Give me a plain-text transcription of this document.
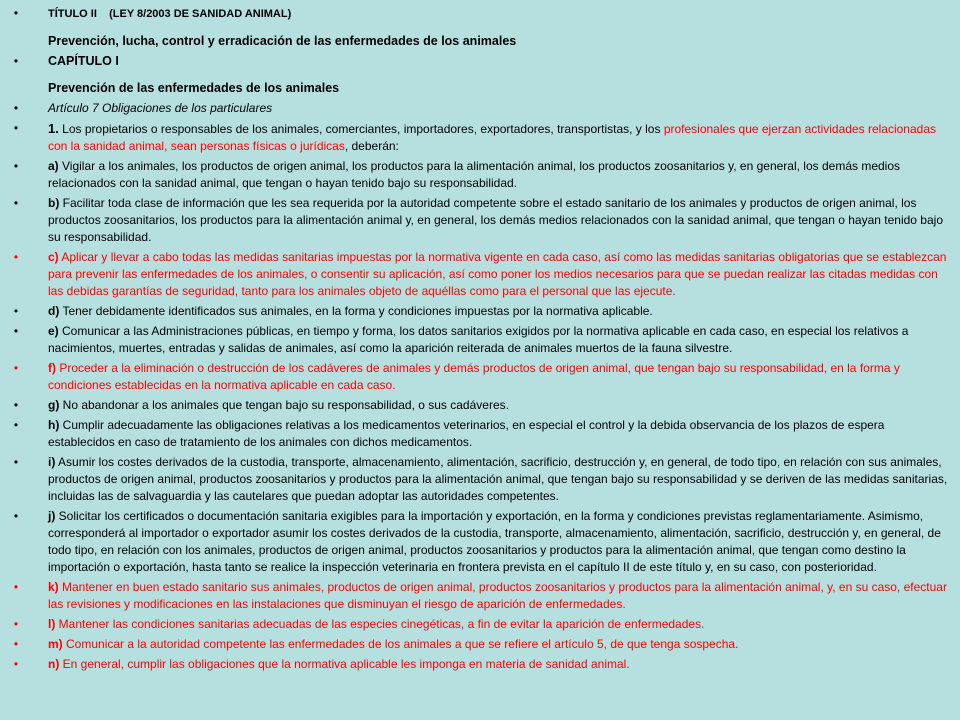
•	TÍTULO II    (LEY 8/2003 DE SANIDAD ANIMAL)
Prevención, lucha, control y erradicación de las enfermedades de los animales
•	CAPÍTULO I
Prevención de las enfermedades de los animales
•	Artículo 7 Obligaciones de los particulares
•	1. Los propietarios o responsables de los animales, comerciantes, importadores, exportadores, transportistas, y los profesionales que ejerzan actividades relacionadas con la sanidad animal, sean personas físicas o jurídicas, deberán:
•	a) Vigilar a los animales, los productos de origen animal, los productos para la alimentación animal, los productos zoosanitarios y, en general, los demás medios relacionados con la sanidad animal, que tengan o hayan tenido bajo su responsabilidad.
•	b) Facilitar toda clase de información que les sea requerida por la autoridad competente sobre el estado sanitario de los animales y productos de origen animal, los productos zoosanitarios, los productos para la alimentación animal y, en general, los demás medios relacionados con la sanidad animal, que tengan o hayan tenido bajo su responsabilidad.
•	c) Aplicar y llevar a cabo todas las medidas sanitarias impuestas por la normativa vigente en cada caso, así como las medidas sanitarias obligatorias que se establezcan para prevenir las enfermedades de los animales, o consentir su aplicación, así como poner los medios necesarios para que se puedan realizar las citadas medidas con las debidas garantías de seguridad, tanto para los animales objeto de aquéllas como para el personal que las ejecute.
•	d) Tener debidamente identificados sus animales, en la forma y condiciones impuestas por la normativa aplicable.
•	e) Comunicar a las Administraciones públicas, en tiempo y forma, los datos sanitarios exigidos por la normativa aplicable en cada caso, en especial los relativos a nacimientos, muertes, entradas y salidas de animales, así como la aparición reiterada de animales muertos de la fauna silvestre.
•	f) Proceder a la eliminación o destrucción de los cadáveres de animales y demás productos de origen animal, que tengan bajo su responsabilidad, en la forma y condiciones establecidas en la normativa aplicable en cada caso.
•	g) No abandonar a los animales que tengan bajo su responsabilidad, o sus cadáveres.
•	h) Cumplir adecuadamente las obligaciones relativas a los medicamentos veterinarios, en especial el control y la debida observancia de los plazos de espera establecidos en caso de tratamiento de los animales con dichos medicamentos.
•	i) Asumir los costes derivados de la custodia, transporte, almacenamiento, alimentación, sacrificio, destrucción y, en general, de todo tipo, en relación con sus animales, productos de origen animal, productos zoosanitarios y productos para la alimentación animal, que tengan bajo su responsabilidad y se deriven de las medidas sanitarias, incluidas las de salvaguardia y las cautelares que puedan adoptar las autoridades competentes.
•	j) Solicitar los certificados o documentación sanitaria exigibles para la importación y exportación, en la forma y condiciones previstas reglamentariamente. Asimismo, corresponderá al importador o exportador asumir los costes derivados de la custodia, transporte, almacenamiento, alimentación, sacrificio, destrucción y, en general, de todo tipo, en relación con los animales, productos de origen animal, productos zoosanitarios y productos para la alimentación animal, que tengan como destino la importación o exportación, hasta tanto se realice la inspección veterinaria en frontera prevista en el capítulo II de este título y, en su caso, con posterioridad.
•	k) Mantener en buen estado sanitario sus animales, productos de origen animal, productos zoosanitarios y productos para la alimentación animal, y, en su caso, efectuar las revisiones y modificaciones en las instalaciones que disminuyan el riesgo de aparición de enfermedades.
•	l) Mantener las condiciones sanitarias adecuadas de las especies cinegéticas, a fin de evitar la aparición de enfermedades.
•	m) Comunicar a la autoridad competente las enfermedades de los animales a que se refiere el artículo 5, de que tenga sospecha.
•	n) En general, cumplir las obligaciones que la normativa aplicable les imponga en materia de sanidad animal.
